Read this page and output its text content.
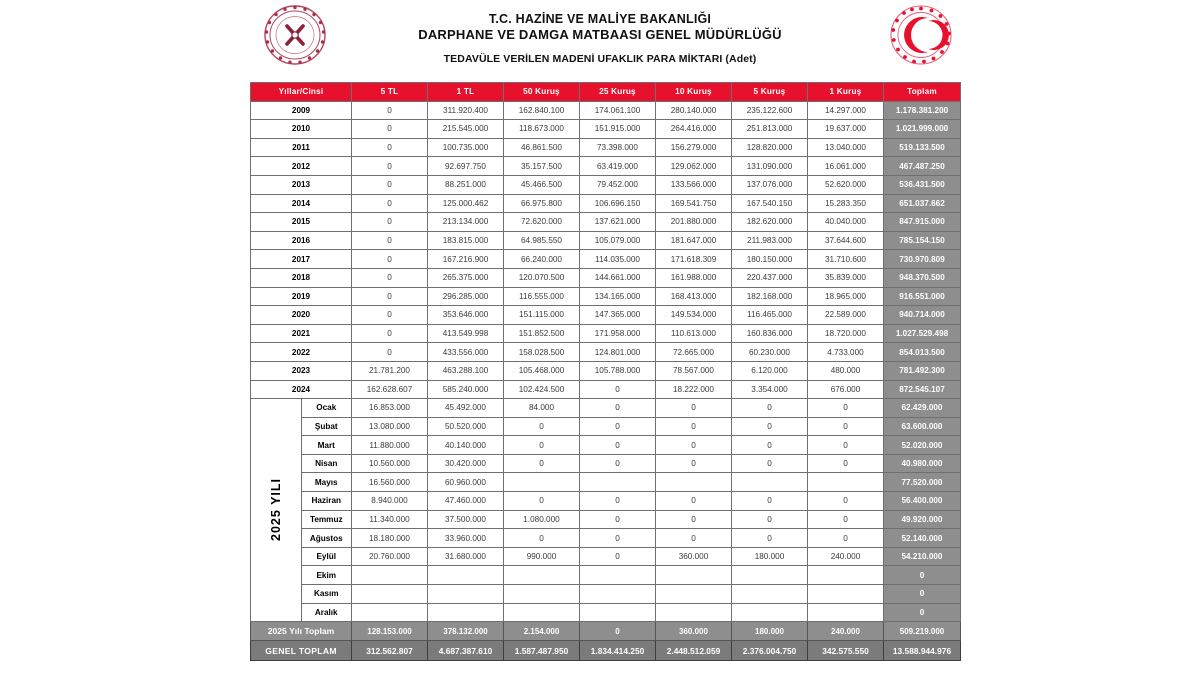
T.C. HAZİNE VE MALİYE BAKANLIĞI
DARPHANE VE DAMGA MATBAASI GENEL MÜDÜRLÜĞÜ
TEDAVÜLE VERİLEN MADENİ UFAKLIK PARA MİKTARI (Adet)
Yıllar/Cinsi		5 TL	1 TL	50 Kuruş	25 Kuruş	10 Kuruş	5 Kuruş	1 Kuruş	Toplam
2009		0	311.920.400	162.840.100	174.061.100	280.140.000	235.122.600	14.297.000	1.178.381.200
2010		0	215.545.000	118.673.000	151.915.000	264.416.000	251.813.000	19.637.000	1.021.999.000
2011		0	100.735.000	46.861.500	73.398.000	156.279.000	128.820.000	13.040.000	519.133.500
2012		0	92.697.750	35.157.500	63.419.000	129.062.000	131.090.000	16.061.000	467.487.250
2013		0	88.251.000	45.466.500	79.452.000	133.566.000	137.076.000	52.620.000	536.431.500
2014		0	125.000.462	66.975.800	106.696.150	169.541.750	167.540.150	15.283.350	651.037.662
2015		0	213.134.000	72.620.000	137.621.000	201.880.000	182.620.000	40.040.000	847.915.000
2016		0	183.815.000	64.985.550	105.079.000	181.647.000	211.983.000	37.644.600	785.154.150
2017		0	167.216.900	66.240.000	114.035.000	171.618.309	180.150.000	31.710.600	730.970.809
2018		0	265.375.000	120.070.500	144.661.000	161.988.000	220.437.000	35.839.000	948.370.500
2019		0	296.285.000	116.555.000	134.165.000	168.413.000	182.168.000	18.965.000	916.551.000
2020		0	353.646.000	151.115.000	147.365.000	149.534.000	116.465.000	22.589.000	940.714.000
2021		0	413.549.998	151.852.500	171.958.000	110.613.000	160.836.000	18.720.000	1.027.529.498
2022		0	433.556.000	158.028.500	124.801.000	72.665.000	60.230.000	4.733.000	854.013.500
2023		21.781.200	463.288.100	105.468.000	105.788.000	78.567.000	6.120.000	480.000	781.492.300
2024		162.628.607	585.240.000	102.424.500	0	18.222.000	3.354.000	676.000	872.545.107
2025 YILI	Ocak	16.853.000	45.492.000	84.000	0	0	0	0	62.429.000
	Şubat	13.080.000	50.520.000	0	0	0	0	0	63.600.000
	Mart	11.880.000	40.140.000	0	0	0	0	0	52.020.000
	Nisan	10.560.000	30.420.000	0	0	0	0	0	40.980.000
	Mayıs	16.560.000	60.960.000						77.520.000
	Haziran	8.940.000	47.460.000	0	0	0	0	0	56.400.000
	Temmuz	11.340.000	37.500.000	1.080.000	0	0	0	0	49.920.000
	Ağustos	18.180.000	33.960.000	0	0	0	0	0	52.140.000
	Eylül	20.760.000	31.680.000	990.000	0	360.000	180.000	240.000	54.210.000
	Ekim								0
	Kasım								0
	Aralık								0
2025 Yılı Toplam		128.153.000	378.132.000	2.154.000	0	360.000	180.000	240.000	509.219.000
GENEL TOPLAM		312.562.807	4.687.387.610	1.587.487.950	1.834.414.250	2.448.512.059	2.376.004.750	342.575.550	13.588.944.976
